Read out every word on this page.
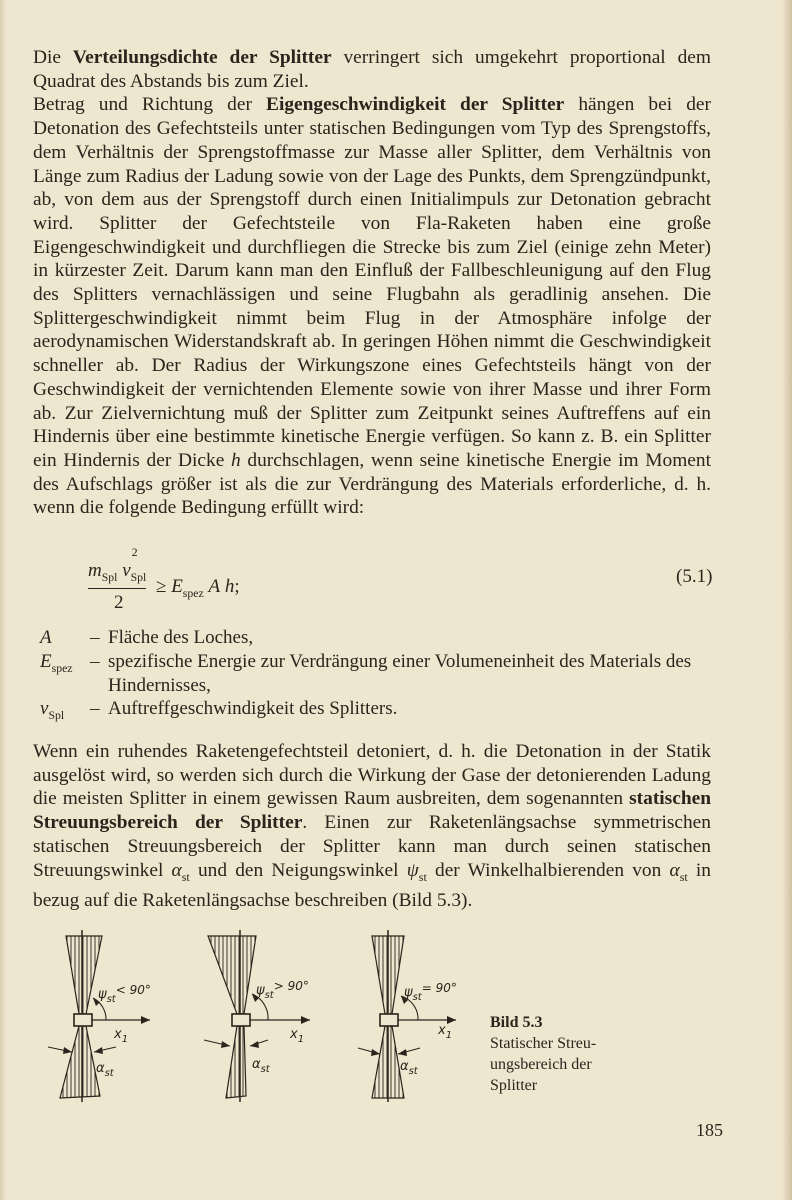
Die Verteilungsdichte der Splitter verringert sich umgekehrt proportional dem Quadrat des Abstands bis zum Ziel.
Betrag und Richtung der Eigengeschwindigkeit der Splitter hängen bei der Detonation des Gefechtsteils unter statischen Bedingungen vom Typ des Sprengstoffs, dem Verhältnis der Sprengstoffmasse zur Masse aller Splitter, dem Verhältnis von Länge zum Radius der Ladung sowie von der Lage des Punkts, dem Sprengzündpunkt, ab, von dem aus der Sprengstoff durch einen Initialimpuls zur Detonation gebracht wird. Splitter der Gefechtsteile von Fla-Raketen haben eine große Eigengeschwindigkeit und durchfliegen die Strecke bis zum Ziel (einige zehn Meter) in kürzester Zeit. Darum kann man den Einfluß der Fallbeschleunigung auf den Flug des Splitters vernachlässigen und seine Flugbahn als geradlinig ansehen. Die Splittergeschwindigkeit nimmt beim Flug in der Atmosphäre infolge der aerodynamischen Widerstandskraft ab. In geringen Höhen nimmt die Geschwindigkeit schneller ab. Der Radius der Wirkungszone eines Gefechtsteils hängt von der Geschwindigkeit der vernichtenden Elemente sowie von ihrer Masse und ihrer Form ab. Zur Zielvernichtung muß der Splitter zum Zeitpunkt seines Auftreffens auf ein Hindernis über eine bestimmte kinetische Energie verfügen. So kann z. B. ein Splitter ein Hindernis der Dicke h durchschlagen, wenn seine kinetische Energie im Moment des Aufschlags größer ist als die zur Verdrängung des Materials erforderliche, d. h. wenn die folgende Bedingung erfüllt wird:
$m_{Spl}$ v
2
$_{Spl}$
2
≥ $E_{spez}$ A h;	(5.1)
A – Fläche des Loches,
$E_{spez}$ – spezifische Energie zur Verdrängung einer Volumeneinheit des Materials des Hindernisses,
$v_{Spl}$ – Auftreffgeschwindigkeit des Splitters.
Wenn ein ruhendes Raketengefechtsteil detoniert, d. h. die Detonation in der Statik ausgelöst wird, so werden sich durch die Wirkung der Gase der detonierenden Ladung die meisten Splitter in einem gewissen Raum ausbreiten, dem sogenannten statischen Streuungsbereich der Splitter. Einen zur Raketenlängsachse symmetrischen statischen Streuungsbereich der Splitter kann man durch seinen statischen Streuungswinkel $\alpha_{st}$ und den Neigungswinkel $\psi_{st}$ der Winkelhalbierenden von $\alpha_{st}$ in bezug auf die Raketenlängsachse beschreiben (Bild 5.3).
$\psi_{st}< 90^\circ$
$x_1$
$\alpha_{st}$
$\psi_{st}> 90^\circ$
$x_1$
$\alpha_{st}$
$\psi_{st}= 90^\circ$
$x_1$
$\alpha_{st}$
Bild 5.3
Statischer Streu-
ungsbereich der
Splitter
185
